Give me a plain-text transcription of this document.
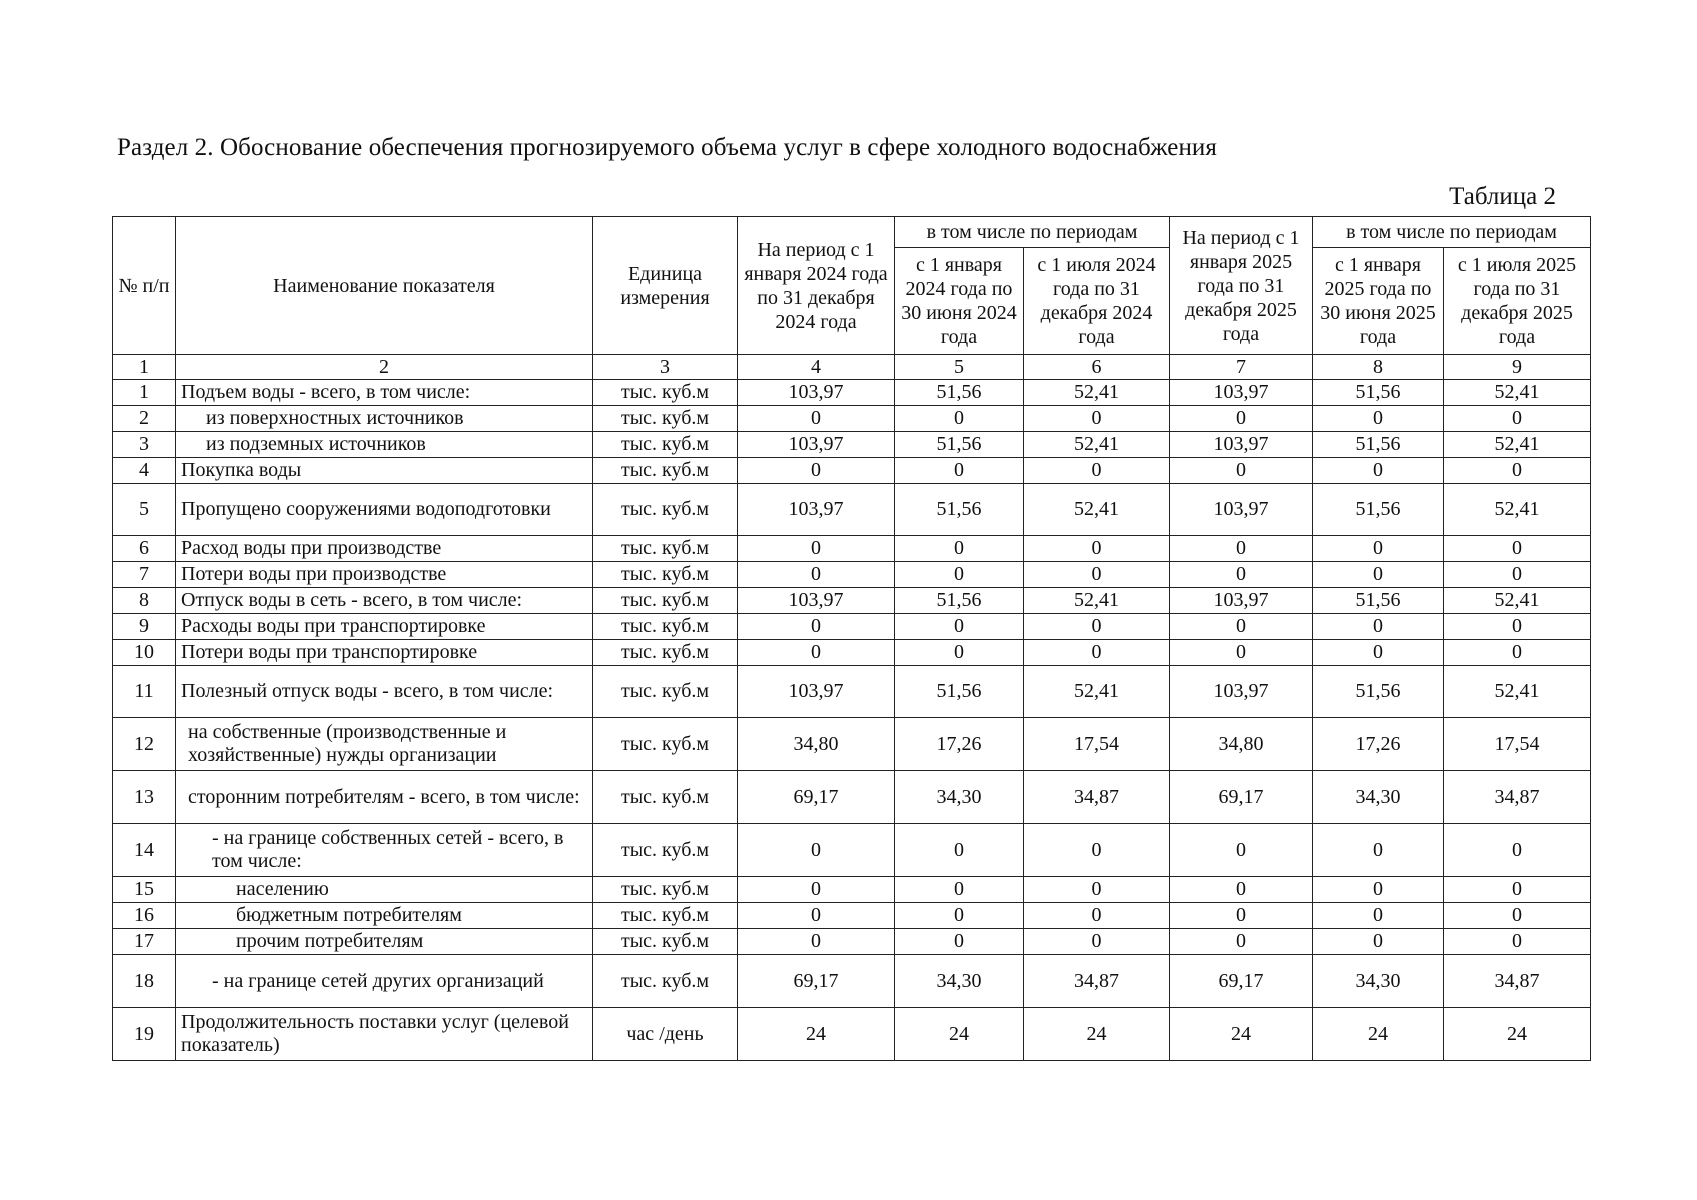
Раздел 2. Обоснование обеспечения прогнозируемого объема услуг в сфере холодного водоснабжения
Таблица 2
№ п/п	Наименование показателя	Единица измерения	На период с 1 января 2024 года по 31 декабря 2024 года	в том числе по периодам		На период с 1 января 2025 года по 31 декабря 2025 года	в том числе по периодам	
				с 1 января 2024 года по 30 июня 2024 года	с 1 июля 2024 года по 31 декабря 2024 года		с 1 января 2025 года по 30 июня 2025 года	с 1 июля 2025 года по 31 декабря 2025 года
1	2	3	4	5	6	7	8	9
1	Подъем воды - всего, в том числе:	тыс. куб.м	103,97	51,56	52,41	103,97	51,56	52,41
2	из поверхностных источников	тыс. куб.м	0	0	0	0	0	0
3	из подземных источников	тыс. куб.м	103,97	51,56	52,41	103,97	51,56	52,41
4	Покупка воды	тыс. куб.м	0	0	0	0	0	0
5	Пропущено сооружениями водоподготовки	тыс. куб.м	103,97	51,56	52,41	103,97	51,56	52,41
6	Расход воды при производстве	тыс. куб.м	0	0	0	0	0	0
7	Потери воды при производстве	тыс. куб.м	0	0	0	0	0	0
8	Отпуск воды в сеть - всего, в том числе:	тыс. куб.м	103,97	51,56	52,41	103,97	51,56	52,41
9	Расходы воды при транспортировке	тыс. куб.м	0	0	0	0	0	0
10	Потери воды при транспортировке	тыс. куб.м	0	0	0	0	0	0
11	Полезный отпуск воды - всего, в том числе:	тыс. куб.м	103,97	51,56	52,41	103,97	51,56	52,41
12	на собственные (производственные и хозяйственные) нужды организации	тыс. куб.м	34,80	17,26	17,54	34,80	17,26	17,54
13	сторонним потребителям - всего, в том числе:	тыс. куб.м	69,17	34,30	34,87	69,17	34,30	34,87
14	- на границе собственных сетей - всего, в том числе:	тыс. куб.м	0	0	0	0	0	0
15	населению	тыс. куб.м	0	0	0	0	0	0
16	бюджетным потребителям	тыс. куб.м	0	0	0	0	0	0
17	прочим потребителям	тыс. куб.м	0	0	0	0	0	0
18	- на границе сетей других организаций	тыс. куб.м	69,17	34,30	34,87	69,17	34,30	34,87
19	Продолжительность поставки услуг (целевой показатель)	час /день	24	24	24	24	24	24
